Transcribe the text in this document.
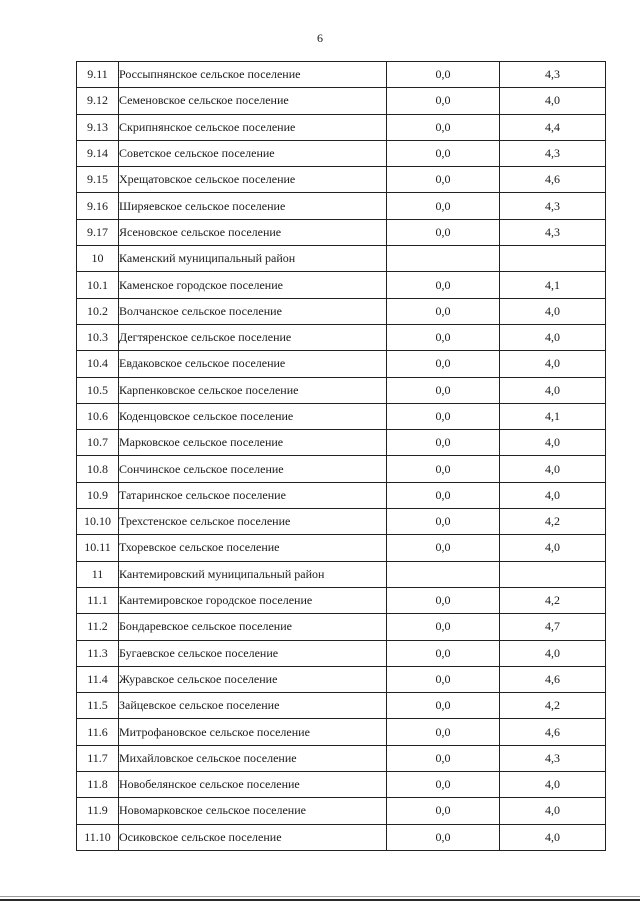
6
9.11	Россыпнянское сельское поселение	0,0	4,3
9.12	Семеновское сельское поселение	0,0	4,0
9.13	Скрипнянское сельское поселение	0,0	4,4
9.14	Советское сельское поселение	0,0	4,3
9.15	Хрещатовское сельское поселение	0,0	4,6
9.16	Ширяевское сельское поселение	0,0	4,3
9.17	Ясеновское сельское поселение	0,0	4,3
10	Каменский муниципальный район		
10.1	Каменское городское поселение	0,0	4,1
10.2	Волчанское сельское поселение	0,0	4,0
10.3	Дегтяренское сельское поселение	0,0	4,0
10.4	Евдаковское сельское поселение	0,0	4,0
10.5	Карпенковское сельское поселение	0,0	4,0
10.6	Коденцовское сельское поселение	0,0	4,1
10.7	Марковское сельское поселение	0,0	4,0
10.8	Сончинское сельское поселение	0,0	4,0
10.9	Татаринское сельское поселение	0,0	4,0
10.10	Трехстенское сельское поселение	0,0	4,2
10.11	Тхоревское сельское поселение	0,0	4,0
11	Кантемировский муниципальный район		
11.1	Кантемировское городское поселение	0,0	4,2
11.2	Бондаревское сельское поселение	0,0	4,7
11.3	Бугаевское сельское поселение	0,0	4,0
11.4	Журавское сельское поселение	0,0	4,6
11.5	Зайцевское сельское поселение	0,0	4,2
11.6	Митрофановское сельское поселение	0,0	4,6
11.7	Михайловское сельское поселение	0,0	4,3
11.8	Новобелянское сельское поселение	0,0	4,0
11.9	Новомарковское сельское поселение	0,0	4,0
11.10	Осиковское сельское поселение	0,0	4,0
